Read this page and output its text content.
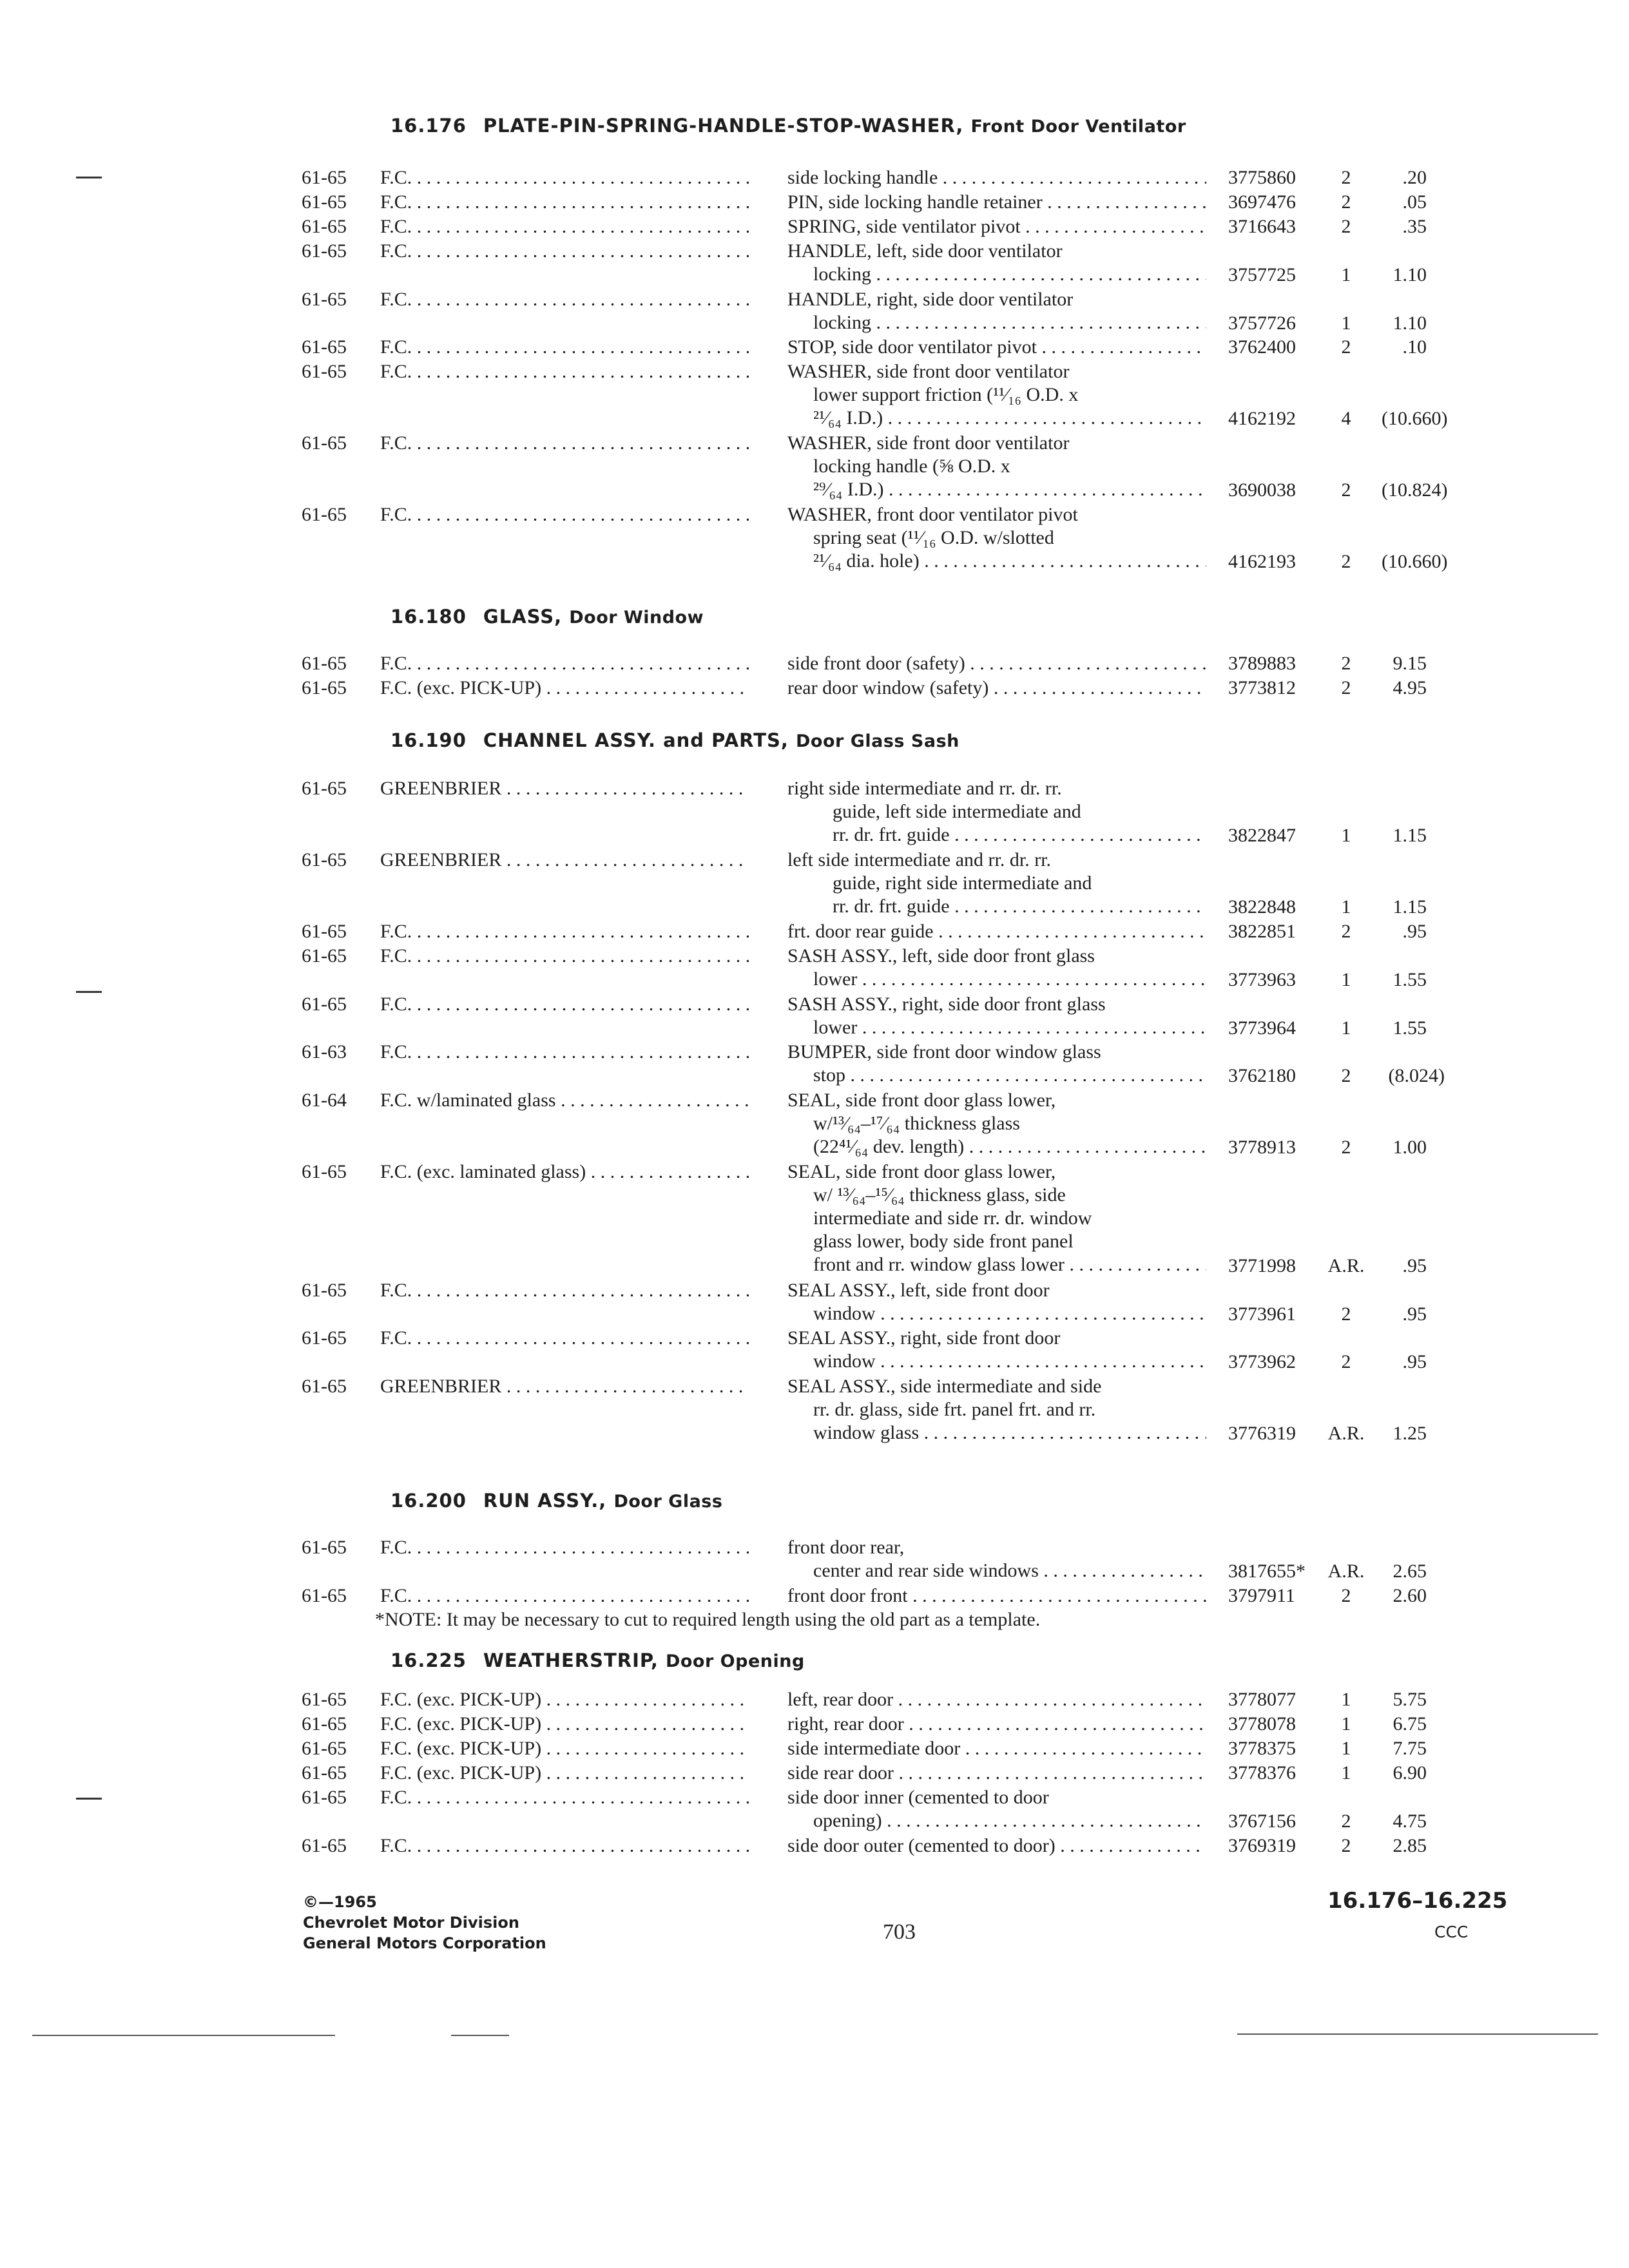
16.176 PLATE-PIN-SPRING-HANDLE-STOP-WASHER, Front Door Ventilator
61-65 F.C. . . .	side locking handle . . .	3775860	2	.20
61-65 F.C. . . .	PIN, side locking handle retainer . . .	3697476	2	.05
61-65 F.C. . . .	SPRING, side ventilator pivot . . .	3716643	2	.35
61-65 F.C. . . .	HANDLE, left, side door ventilator
locking . . .	3757725	1	1.10
61-65 F.C. . . .	HANDLE, right, side door ventilator
locking . . .	3757726	1	1.10
61-65 F.C. . . .	STOP, side door ventilator pivot . . .	3762400	2	.10
61-65 F.C. . . .	WASHER, side front door ventilator
lower support friction (¹¹⁄₁₆ O.D. x
²¹⁄₆₄ I.D.) . . .	4162192	4	(10.660)
61-65 F.C. . . .	WASHER, side front door ventilator
locking handle (⅝ O.D. x
²⁹⁄₆₄ I.D.) . . .	3690038	2	(10.824)
61-65 F.C. . . .	WASHER, front door ventilator pivot
spring seat (¹¹⁄₁₆ O.D. w/slotted
²¹⁄₆₄ dia. hole) . . .	4162193	2	(10.660)
16.180 GLASS, Door Window
61-65 F.C. . . .	side front door (safety) . . .	3789883	2	9.15
61-65 F.C. (exc. PICK-UP) . . .	rear door window (safety) . . .	3773812	2	4.95
16.190 CHANNEL ASSY. and PARTS, Door Glass Sash
61-65 GREENBRIER . . .	right side intermediate and rr. dr. rr.
guide, left side intermediate and
rr. dr. frt. guide . . .	3822847	1	1.15
61-65 GREENBRIER . . .	left side intermediate and rr. dr. rr.
guide, right side intermediate and
rr. dr. frt. guide . . .	3822848	1	1.15
61-65 F.C. . . .	frt. door rear guide . . .	3822851	2	.95
61-65 F.C. . . .	SASH ASSY., left, side door front glass
lower . . .	3773963	1	1.55
61-65 F.C. . . .	SASH ASSY., right, side door front glass
lower . . .	3773964	1	1.55
61-63 F.C. . . .	BUMPER, side front door window glass
stop . . .	3762180	2	(8.024)
61-64 F.C. w/laminated glass . . .	SEAL, side front door glass lower,
w/¹³⁄₆₄–¹⁷⁄₆₄ thickness glass
(22⁴¹⁄₆₄ dev. length) . . .	3778913	2	1.00
61-65 F.C. (exc. laminated glass) . . .	SEAL, side front door glass lower,
w/ ¹³⁄₆₄–¹⁵⁄₆₄ thickness glass, side
intermediate and side rr. dr. window
glass lower, body side front panel
front and rr. window glass lower . . .	3771998 A.R.	.95
61-65 F.C. . . .	SEAL ASSY., left, side front door
window . . .	3773961	2	.95
61-65 F.C. . . .	SEAL ASSY., right, side front door
window . . .	3773962	2	.95
61-65 GREENBRIER . . .	SEAL ASSY., side intermediate and side
rr. dr. glass, side frt. panel frt. and rr.
window glass . . .	3776319 A.R.	1.25
16.200 RUN ASSY., Door Glass
61-65 F.C. . . .	front door rear,
center and rear side windows . . .	3817655* A.R.	2.65
61-65 F.C. . . .	front door front . . .	3797911	2	2.60
*NOTE: It may be necessary to cut to required length using the old part as a template.
16.225 WEATHERSTRIP, Door Opening
61-65 F.C. (exc. PICK-UP) . . .	left, rear door . . .	3778077	1	5.75
61-65 F.C. (exc. PICK-UP) . . .	right, rear door . . .	3778078	1	6.75
61-65 F.C. (exc. PICK-UP) . . .	side intermediate door . . .	3778375	1	7.75
61-65 F.C. (exc. PICK-UP) . . .	side rear door . . .	3778376	1	6.90
61-65 F.C. . . .	side door inner (cemented to door
opening) . . .	3767156	2	4.75
61-65 F.C. . . .	side door outer (cemented to door) . . .	3769319	2	2.85
©—1965
Chevrolet Motor Division
General Motors Corporation	703
16.176–16.225
CCC
